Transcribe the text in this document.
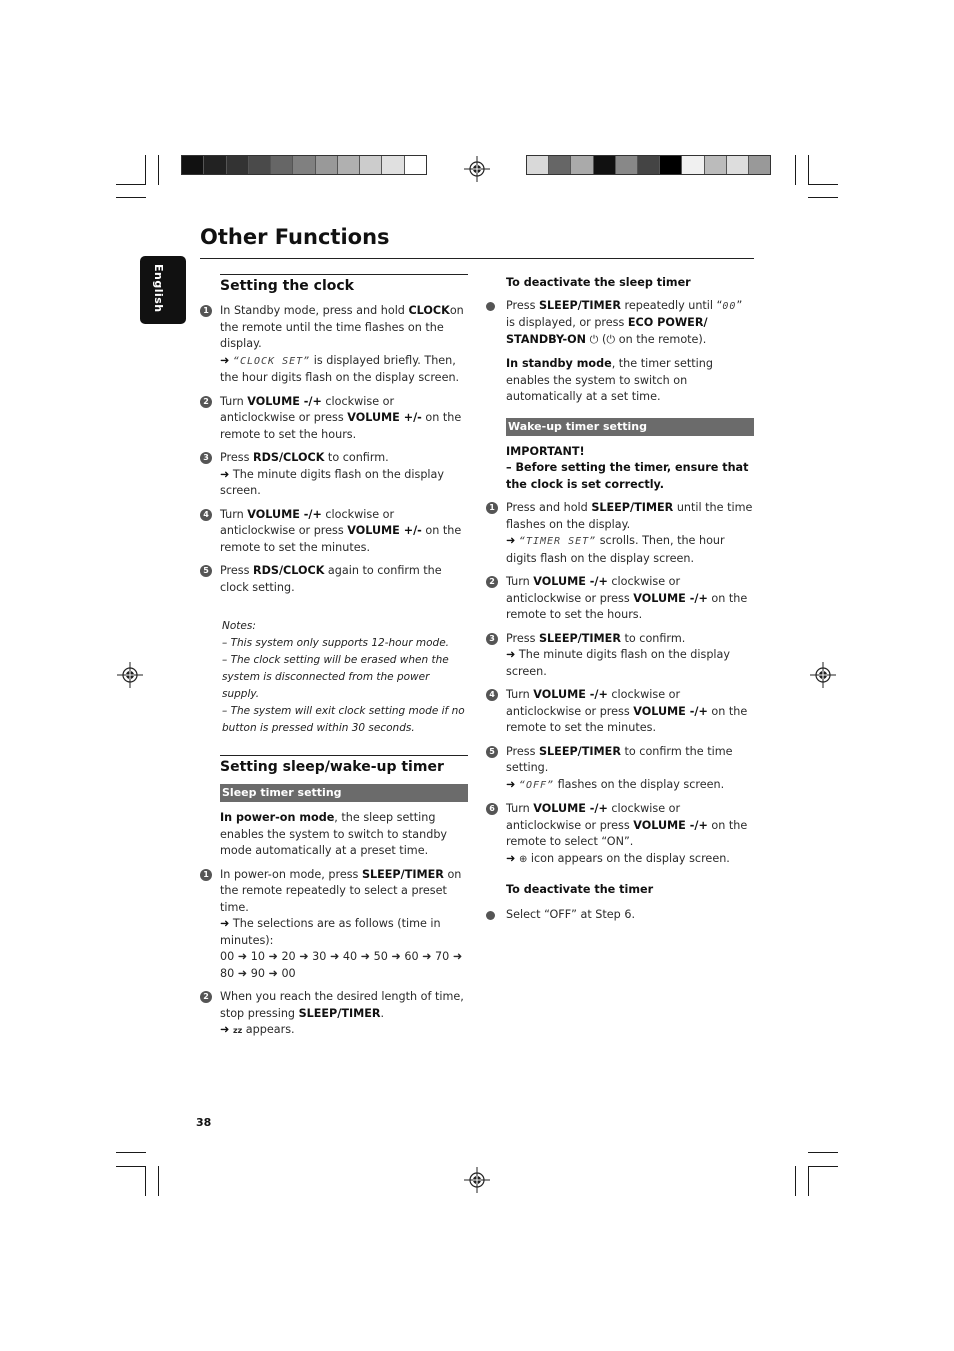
Other Functions
English	Setting the clock
1 In Standby mode, press and hold CLOCKon the remote until the time flashes on the display.
➜ “CLOCK SET” is displayed briefly. Then, the hour digits flash on the display screen.
2 Turn VOLUME -/+ clockwise or anticlockwise or press VOLUME +/- on the remote to set the hours.
3 Press RDS/CLOCK to confirm.
➜ The minute digits flash on the display screen.
4 Turn VOLUME -/+ clockwise or anticlockwise or press VOLUME +/- on the remote to set the minutes.
5 Press RDS/CLOCK again to confirm the clock setting.
Notes:
– This system only supports 12-hour mode.
– The clock setting will be erased when the system is disconnected from the power supply.
– The system will exit clock setting mode if no button is pressed within 30 seconds.
Setting sleep/wake-up timer
Sleep timer setting
In power-on mode, the sleep setting enables the system to switch to standby mode automatically at a preset time.
1 In power-on mode, press SLEEP/TIMER on the remote repeatedly to select a preset time.
➜ The selections are as follows (time in minutes):
00 ➜ 10 ➜ 20 ➜ 30 ➜ 40 ➜ 50 ➜ 60 ➜ 70 ➜ 80 ➜ 90 ➜ 00
2 When you reach the desired length of time, stop pressing SLEEP/TIMER.
➜ zz appears.
To deactivate the sleep timer
Press SLEEP/TIMER repeatedly until “00” is displayed, or press ECO POWER/ STANDBY-ON ⏻ (⏻ on the remote).
In standby mode, the timer setting enables the system to switch on automatically at a set time.
Wake-up timer setting
IMPORTANT!
– Before setting the timer, ensure that the clock is set correctly.
1 Press and hold SLEEP/TIMER until the time flashes on the display.
➜ “TIMER SET” scrolls. Then, the hour digits flash on the display screen.
2 Turn VOLUME -/+ clockwise or anticlockwise or press VOLUME -/+ on the remote to set the hours.
3 Press SLEEP/TIMER to confirm.
➜ The minute digits flash on the display screen.
4 Turn VOLUME -/+ clockwise or anticlockwise or press VOLUME -/+ on the remote to set the minutes.
5 Press SLEEP/TIMER to confirm the time setting.
➜ “OFF” flashes on the display screen.
6 Turn VOLUME -/+ clockwise or anticlockwise or press VOLUME -/+ on the remote to select “ON”.
➜ ⊕ icon appears on the display screen.
To deactivate the timer
Select “OFF” at Step 6.
38
